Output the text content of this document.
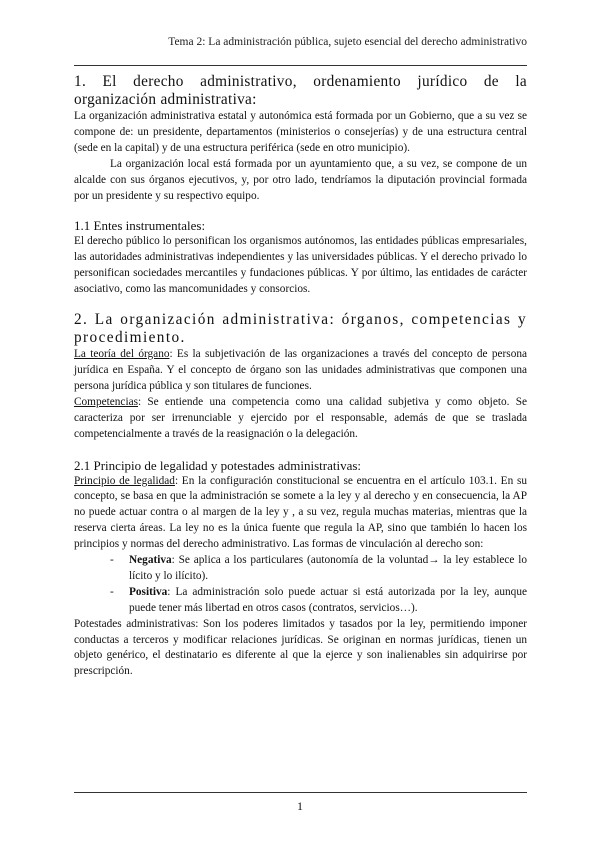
Tema 2: La administración pública, sujeto esencial del derecho administrativo
1. El derecho administrativo, ordenamiento jurídico de la organización administrativa:

La organización administrativa estatal y autonómica está formada por un Gobierno, que a su vez se compone de: un presidente, departamentos (ministerios o consejerías) y de una estructura central (sede en la capital) y de una estructura periférica (sede en otro municipio).

La organización local está formada por un ayuntamiento que, a su vez, se compone de un alcalde con sus órganos ejecutivos, y, por otro lado, tendríamos la diputación provincial formada por un presidente y su respectivo equipo.

1.1 Entes instrumentales:

El derecho público lo personifican los organismos autónomos, las entidades públicas empresariales, las autoridades administrativas independientes y las universidades públicas. Y el derecho privado lo personifican sociedades mercantiles y fundaciones públicas. Y por último, las entidades de carácter asociativo, como las mancomunidades y consorcios.

2. La organización administrativa: órganos, competencias y procedimiento.

La teoría del órgano: Es la subjetivación de las organizaciones a través del concepto de persona jurídica en España. Y el concepto de órgano son las unidades administrativas que componen una persona jurídica pública y son titulares de funciones.

Competencias: Se entiende una competencia como una calidad subjetiva y como objeto. Se caracteriza por ser irrenunciable y ejercido por el responsable, además de que se traslada competencialmente a través de la reasignación o la delegación.

2.1 Principio de legalidad y potestades administrativas:

Principio de legalidad: En la configuración constitucional se encuentra en el artículo 103.1. En su concepto, se basa en que la administración se somete a la ley y al derecho y en consecuencia, la AP no puede actuar contra o al margen de la ley y , a su vez, regula muchas materias, mientras que la reserva cierta áreas. La ley no es la única fuente que regula la AP, sino que también lo hacen los principios y normas del derecho administrativo. Las formas de vinculación al derecho son:

- Negativa: Se aplica a los particulares (autonomía de la voluntad→ la ley establece lo lícito y lo ilícito).
- Positiva: La administración solo puede actuar si está autorizada por la ley, aunque puede tener más libertad en otros casos (contratos, servicios…).

Potestades administrativas: Son los poderes limitados y tasados por la ley, permitiendo imponer conductas a terceros y modificar relaciones jurídicas. Se originan en normas jurídicas, tienen un objeto genérico, el destinatario es diferente al que la ejerce y son inalienables sin adquirirse por prescripción.

1
